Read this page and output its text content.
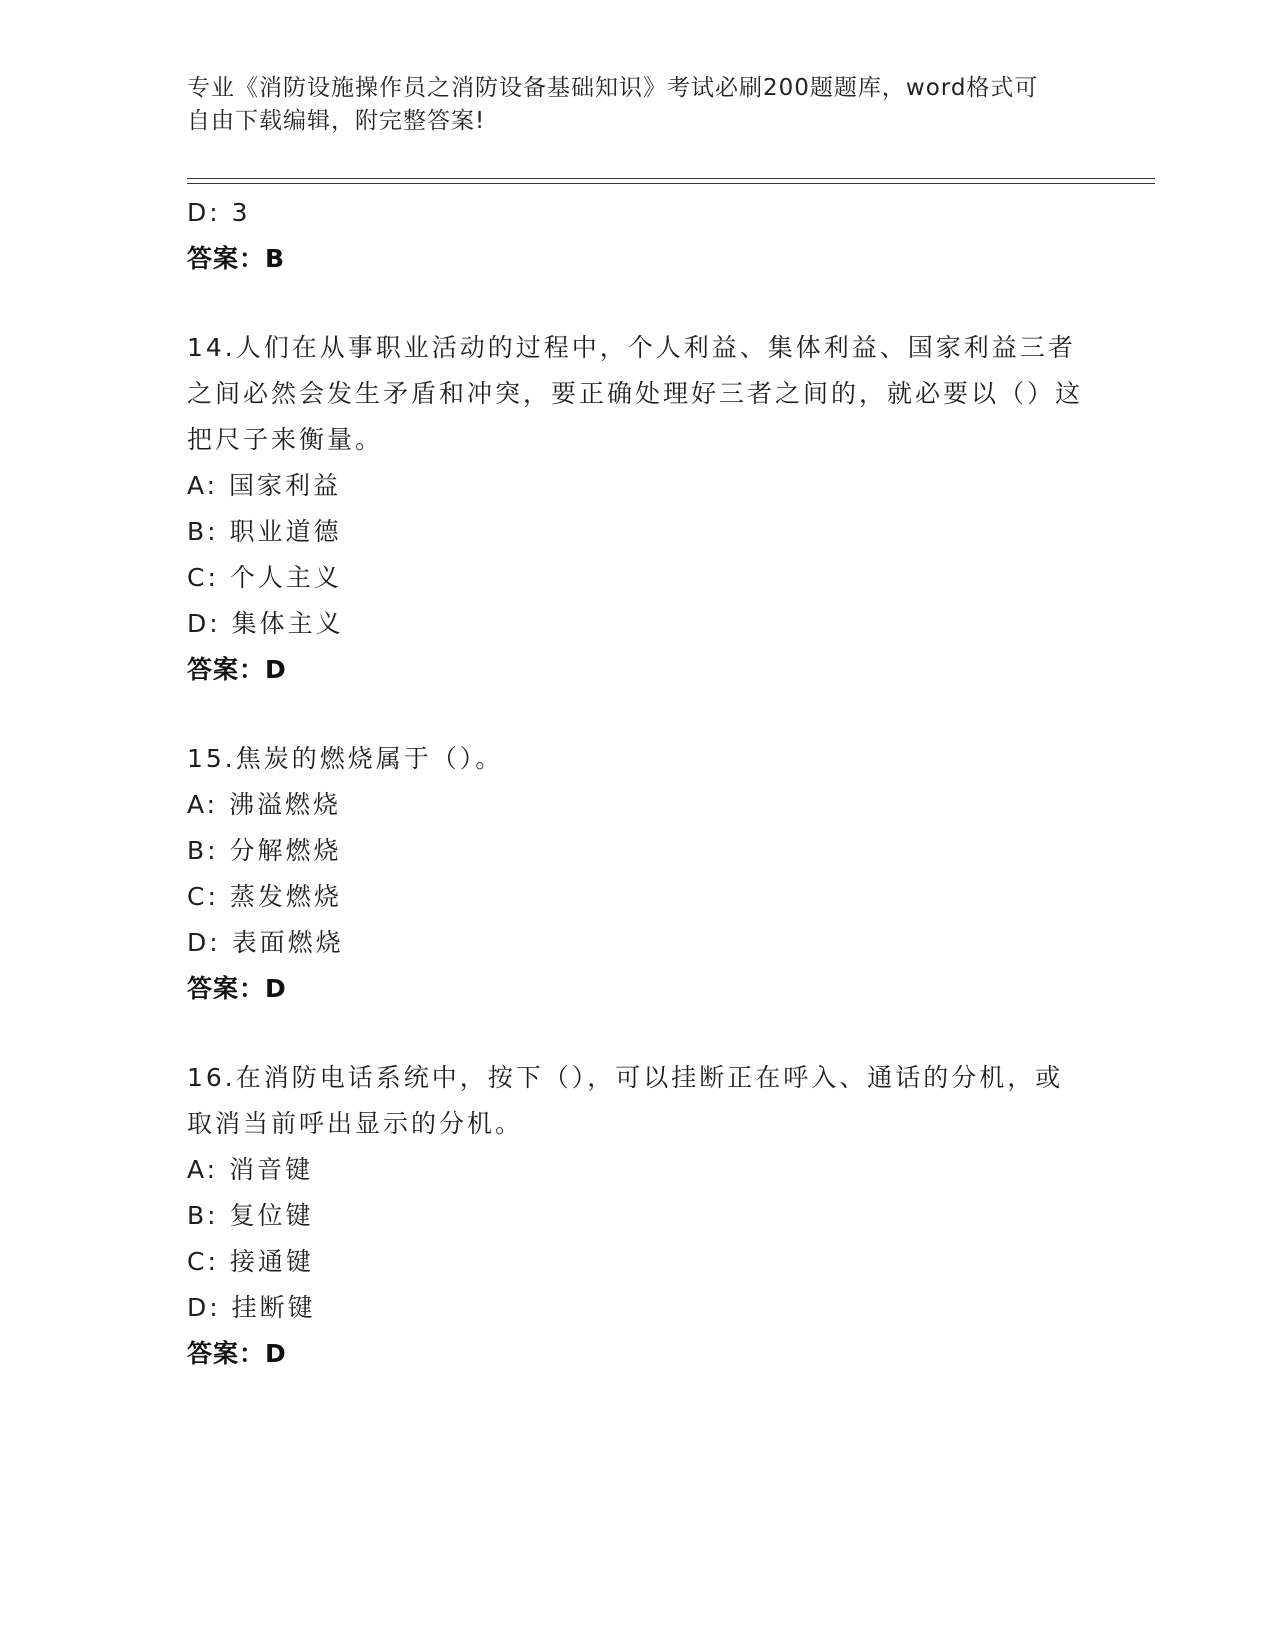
专业《消防设施操作员之消防设备基础知识》考试必刷200题题库，word格式可
自由下载编辑，附完整答案!
D: 3
答案：B
14.人们在从事职业活动的过程中，个人利益、集体利益、国家利益三者之间必然会发生矛盾和冲突，要正确处理好三者之间的，就必要以（）这把尺子来衡量。
A: 国家利益
B: 职业道德
C: 个人主义
D: 集体主义
答案：D
15.焦炭的燃烧属于（）。
A: 沸溢燃烧
B: 分解燃烧
C: 蒸发燃烧
D: 表面燃烧
答案：D
16.在消防电话系统中，按下（），可以挂断正在呼入、通话的分机，或取消当前呼出显示的分机。
A: 消音键
B: 复位键
C: 接通键
D: 挂断键
答案：D
